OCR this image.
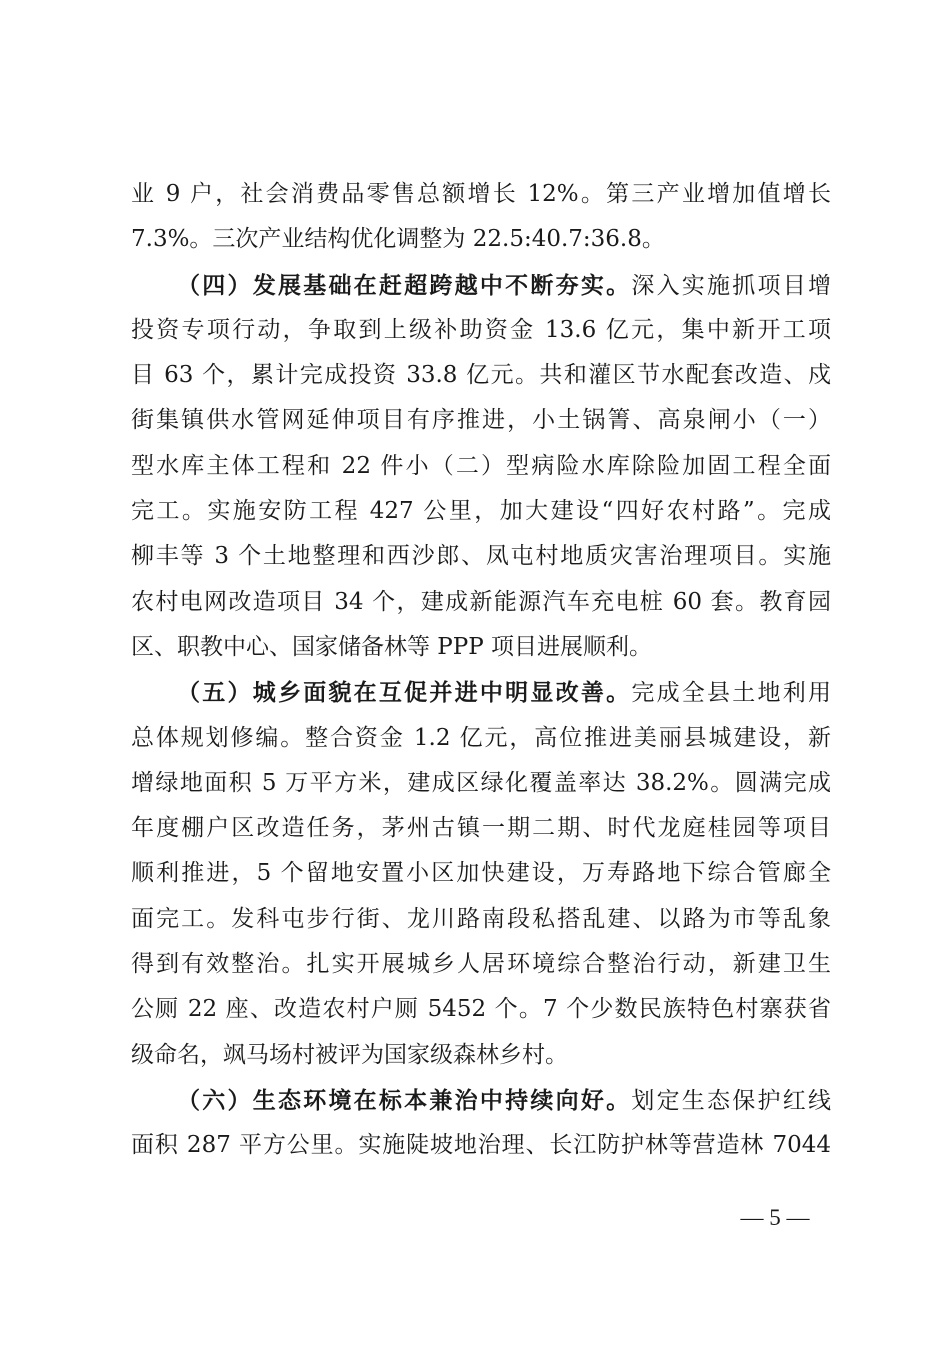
业 9 户，社会消费品零售总额增长 12%。第三产业增加值增长
7.3%。三次产业结构优化调整为 22.5:40.7:36.8。
（四）发展基础在赶超跨越中不断夯实。深入实施抓项目增
投资专项行动，争取到上级补助资金 13.6 亿元，集中新开工项
目 63 个，累计完成投资 33.8 亿元。共和灌区节水配套改造、戍
街集镇供水管网延伸项目有序推进，小土锅箐、高泉闸小（一）
型水库主体工程和 22 件小（二）型病险水库除险加固工程全面
完工。实施安防工程 427 公里，加大建设“四好农村路”。完成
柳丰等 3 个土地整理和西沙郎、凤屯村地质灾害治理项目。实施
农村电网改造项目 34 个，建成新能源汽车充电桩 60 套。教育园
区、职教中心、国家储备林等 PPP 项目进展顺利。
（五）城乡面貌在互促并进中明显改善。完成全县土地利用
总体规划修编。整合资金 1.2 亿元，高位推进美丽县城建设，新
增绿地面积 5 万平方米，建成区绿化覆盖率达 38.2%。圆满完成
年度棚户区改造任务，茅州古镇一期二期、时代龙庭桂园等项目
顺利推进，5 个留地安置小区加快建设，万寿路地下综合管廊全
面完工。发科屯步行街、龙川路南段私搭乱建、以路为市等乱象
得到有效整治。扎实开展城乡人居环境综合整治行动，新建卫生
公厕 22 座、改造农村户厕 5452 个。7 个少数民族特色村寨获省
级命名，飒马场村被评为国家级森林乡村。
（六）生态环境在标本兼治中持续向好。划定生态保护红线
面积 287 平方公里。实施陡坡地治理、长江防护林等营造林 7044
— 5 —
